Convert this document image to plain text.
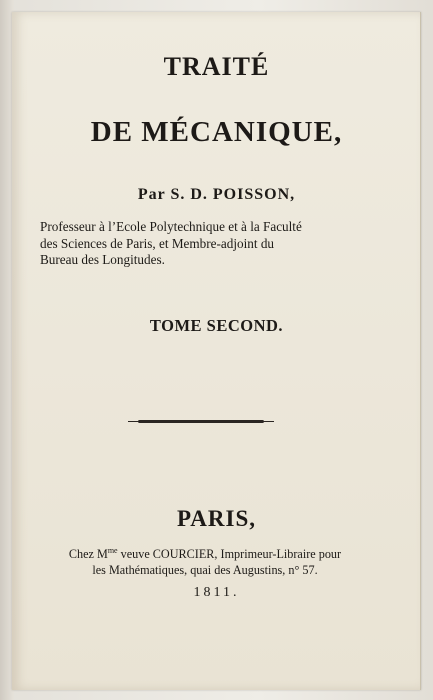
TRAITÉ
DE MÉCANIQUE,
Par S. D. POISSON,
Professeur à l’Ecole Polytechnique et à la Faculté
des Sciences de Paris, et Membre-adjoint du
Bureau des Longitudes.
TOME SECOND.
PARIS,
Chez $M^{me}$ veuve COURCIER, Imprimeur-Libraire pour
les Mathématiques, quai des Augustins, n° 57.
1811.
